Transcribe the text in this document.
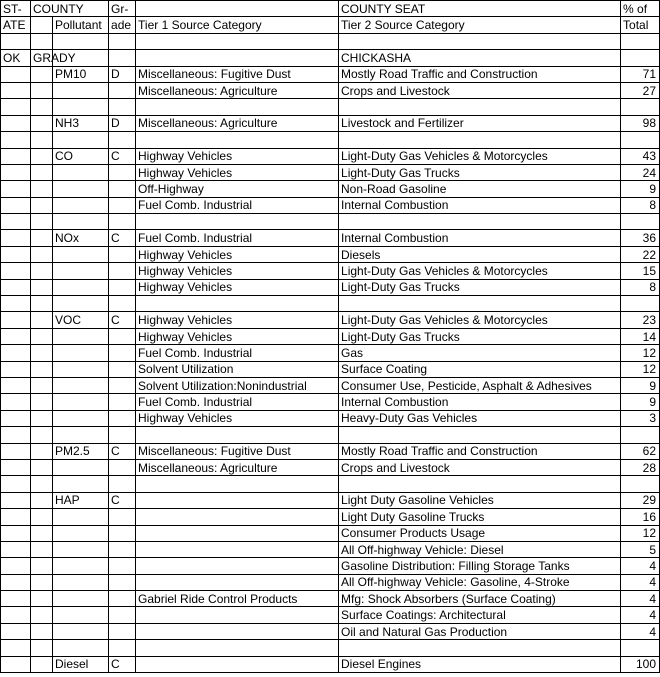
ST-	COUNTY		Gr-		COUNTY SEAT	% of
ATE		Pollutant	ade	Tier 1 Source Category	Tier 2 Source Category	Total

OK	GRADY				CHICKASHA	
		PM10	D	Miscellaneous: Fugitive Dust	Mostly Road Traffic and Construction	71
				Miscellaneous: Agriculture	Crops and Livestock	27

		NH3	D	Miscellaneous: Agriculture	Livestock and Fertilizer	98

		CO	C	Highway Vehicles	Light-Duty Gas Vehicles & Motorcycles	43
				Highway Vehicles	Light-Duty Gas Trucks	24
				Off-Highway	Non-Road Gasoline	9
				Fuel Comb. Industrial	Internal Combustion	8

		NOx	C	Fuel Comb. Industrial	Internal Combustion	36
				Highway Vehicles	Diesels	22
				Highway Vehicles	Light-Duty Gas Vehicles & Motorcycles	15
				Highway Vehicles	Light-Duty Gas Trucks	8

		VOC	C	Highway Vehicles	Light-Duty Gas Vehicles & Motorcycles	23
				Highway Vehicles	Light-Duty Gas Trucks	14
				Fuel Comb. Industrial	Gas	12
				Solvent Utilization	Surface Coating	12
				Solvent Utilization:Nonindustrial	Consumer Use, Pesticide, Asphalt & Adhesives	9
				Fuel Comb. Industrial	Internal Combustion	9
				Highway Vehicles	Heavy-Duty Gas Vehicles	3

		PM2.5	C	Miscellaneous: Fugitive Dust	Mostly Road Traffic and Construction	62
				Miscellaneous: Agriculture	Crops and Livestock	28

		HAP	C		Light Duty Gasoline Vehicles	29
					Light Duty Gasoline Trucks	16
					Consumer Products Usage	12
					All Off-highway Vehicle: Diesel	5
					Gasoline Distribution: Filling Storage Tanks	4
					All Off-highway Vehicle: Gasoline, 4-Stroke	4
				Gabriel Ride Control Products	Mfg: Shock Absorbers (Surface Coating)	4
					Surface Coatings: Architectural	4
					Oil and Natural Gas Production	4

		Diesel	C		Diesel Engines	100
